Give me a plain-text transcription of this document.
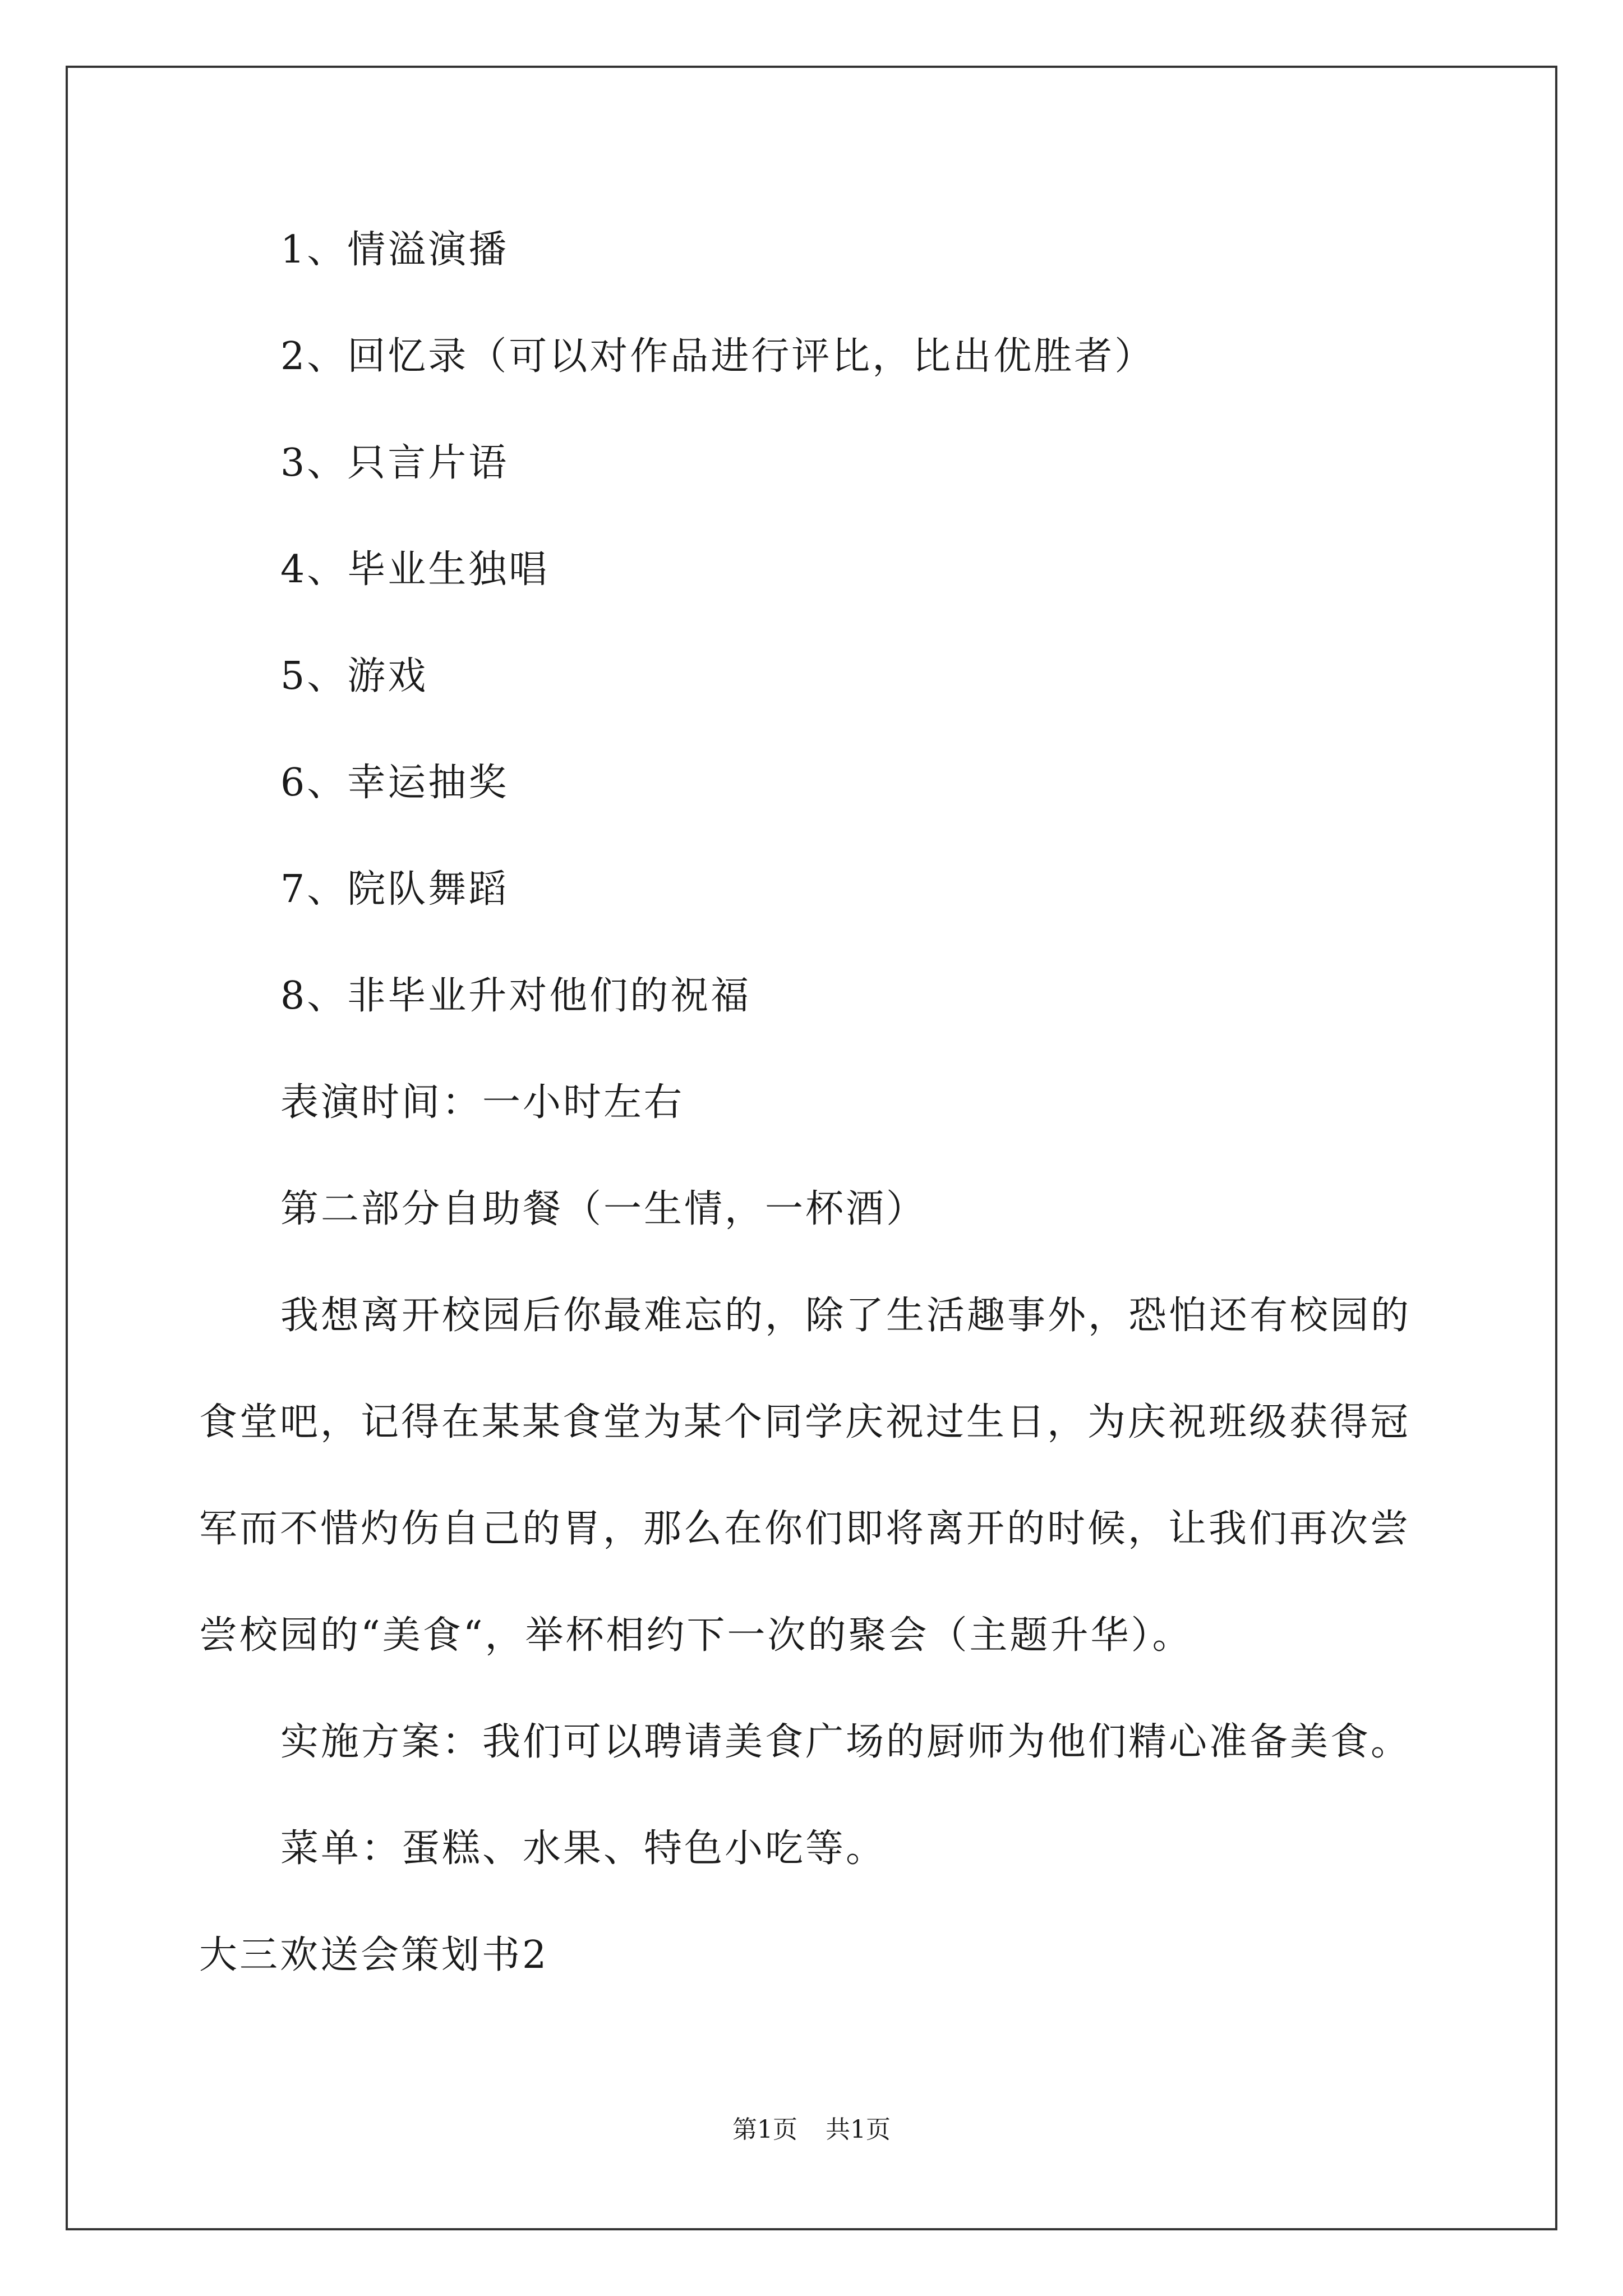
1、情溢演播
2、回忆录（可以对作品进行评比，比出优胜者）
3、只言片语
4、毕业生独唱
5、游戏
6、幸运抽奖
7、院队舞蹈
8、非毕业升对他们的祝福
表演时间：一小时左右
第二部分自助餐（一生情，一杯酒）
我想离开校园后你最难忘的，除了生活趣事外，恐怕还有校园的
食堂吧，记得在某某食堂为某个同学庆祝过生日，为庆祝班级获得冠
军而不惜灼伤自己的胃，那么在你们即将离开的时候，让我们再次尝
尝校园的“美食“，举杯相约下一次的聚会（主题升华）。
实施方案：我们可以聘请美食广场的厨师为他们精心准备美食。
菜单：蛋糕、水果、特色小吃等。
大三欢送会策划书2
第1页 共1页
